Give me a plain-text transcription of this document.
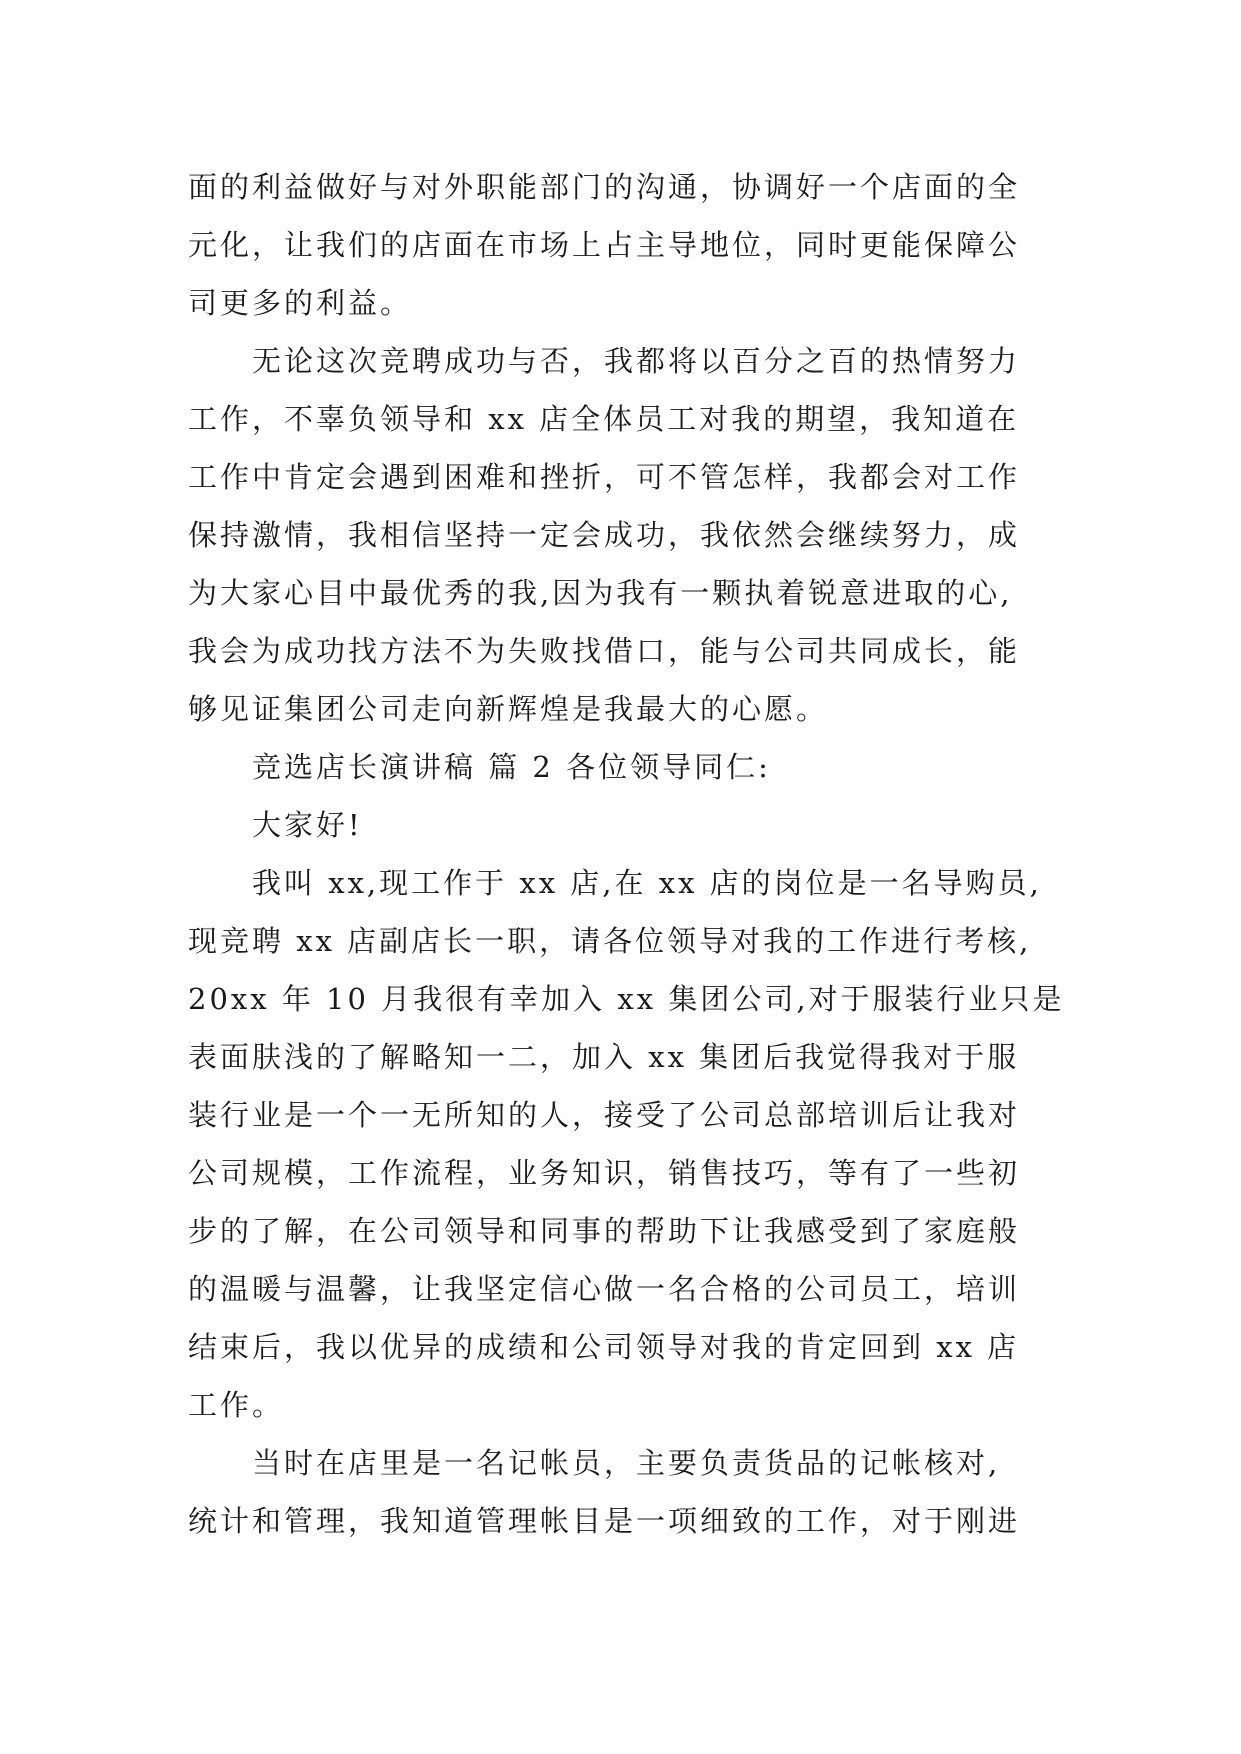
面的利益做好与对外职能部门的沟通，协调好一个店面的全
元化，让我们的店面在市场上占主导地位，同时更能保障公
司更多的利益。
无论这次竞聘成功与否，我都将以百分之百的热情努力
工作，不辜负领导和 xx 店全体员工对我的期望，我知道在
工作中肯定会遇到困难和挫折，可不管怎样，我都会对工作
保持激情，我相信坚持一定会成功，我依然会继续努力，成
为大家心目中最优秀的我,因为我有一颗执着锐意进取的心,
我会为成功找方法不为失败找借口，能与公司共同成长，能
够见证集团公司走向新辉煌是我最大的心愿。
竞选店长演讲稿 篇 2 各位领导同仁:
大家好!
我叫 xx,现工作于 xx 店,在 xx 店的岗位是一名导购员,
现竞聘 xx 店副店长一职，请各位领导对我的工作进行考核,
20xx 年 10 月我很有幸加入 xx 集团公司,对于服装行业只是
表面肤浅的了解略知一二，加入 xx 集团后我觉得我对于服
装行业是一个一无所知的人，接受了公司总部培训后让我对
公司规模，工作流程，业务知识，销售技巧，等有了一些初
步的了解，在公司领导和同事的帮助下让我感受到了家庭般
的温暖与温馨，让我坚定信心做一名合格的公司员工，培训
结束后，我以优异的成绩和公司领导对我的肯定回到 xx 店
工作。
当时在店里是一名记帐员，主要负责货品的记帐核对,
统计和管理，我知道管理帐目是一项细致的工作，对于刚进
